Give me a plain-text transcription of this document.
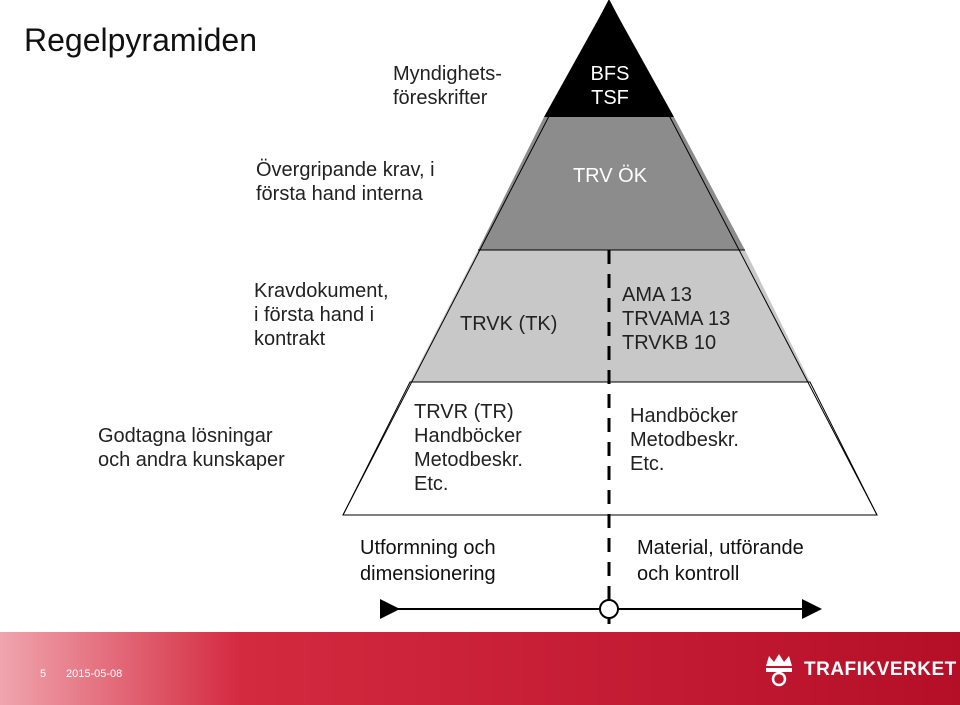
Regelpyramiden
BFS
TSF
Myndighets-
föreskrifter
TRV ÖK
Övergripande krav, i
första hand interna
TRVK (TK)
AMA 13
TRVAMA 13
TRVKB 10
Kravdokument,
i första hand i
kontrakt
TRVR (TR)
Handböcker
Metodbeskr.
Etc.
Handböcker
Metodbeskr.
Etc.
Godtagna lösningar
och andra kunskaper
Utformning och
dimensionering
Material, utförande
och kontroll
5 2015-05-08	TRAFIKVERKET
